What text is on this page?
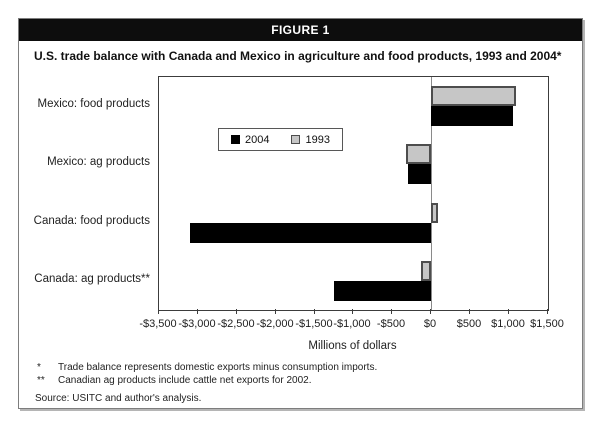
FIGURE 1
U.S. trade balance with Canada and Mexico in agriculture and food products, 1993 and 2004*
Mexico: food products
Mexico: ag products
Canada: food products
Canada: ag products**
2004	1993
-$3,500 -$3,000 -$2,500 -$2,000 -$1,500 -$1,000 -$500	$0	$500 $1,000 $1,500
Millions of dollars
* Trade balance represents domestic exports minus consumption imports.
** Canadian ag products include cattle net exports for 2002.
Source: USITC and author's analysis.
